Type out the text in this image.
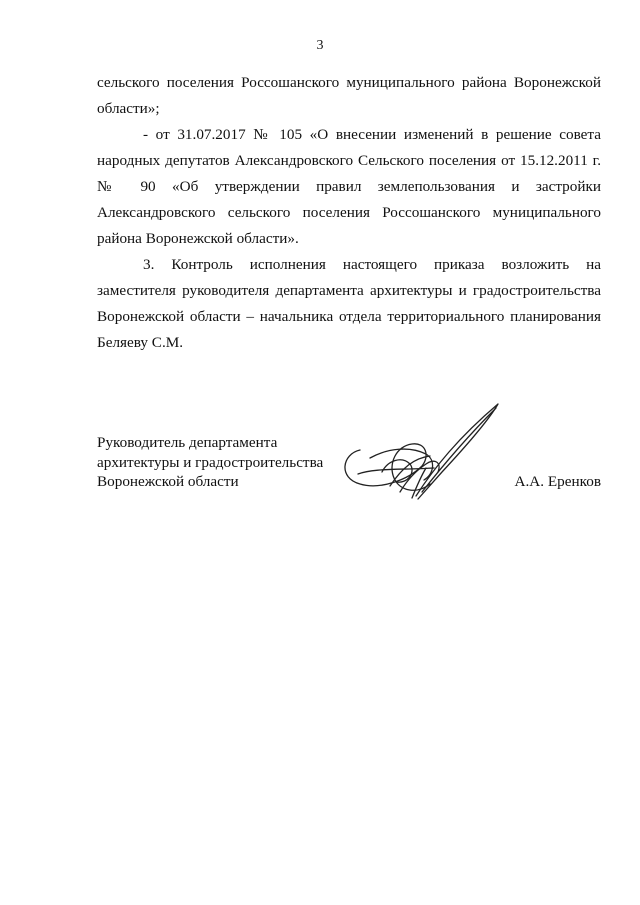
3

сельского поселения Россошанского муниципального района Воронежской области»;

- от 31.07.2017 № 105 «О внесении изменений в решение совета народных депутатов Александровского Сельского поселения от 15.12.2011 г. № 90 «Об утверждении правил землепользования и застройки Александровского сельского поселения Россошанского муниципального района Воронежской области».

3. Контроль исполнения настоящего приказа возложить на заместителя руководителя департамента архитектуры и градостроительства Воронежской области – начальника отдела территориального планирования Беляеву С.М.

Руководитель департамента
архитектуры и градостроительства
Воронежской области	А.А. Еренков
